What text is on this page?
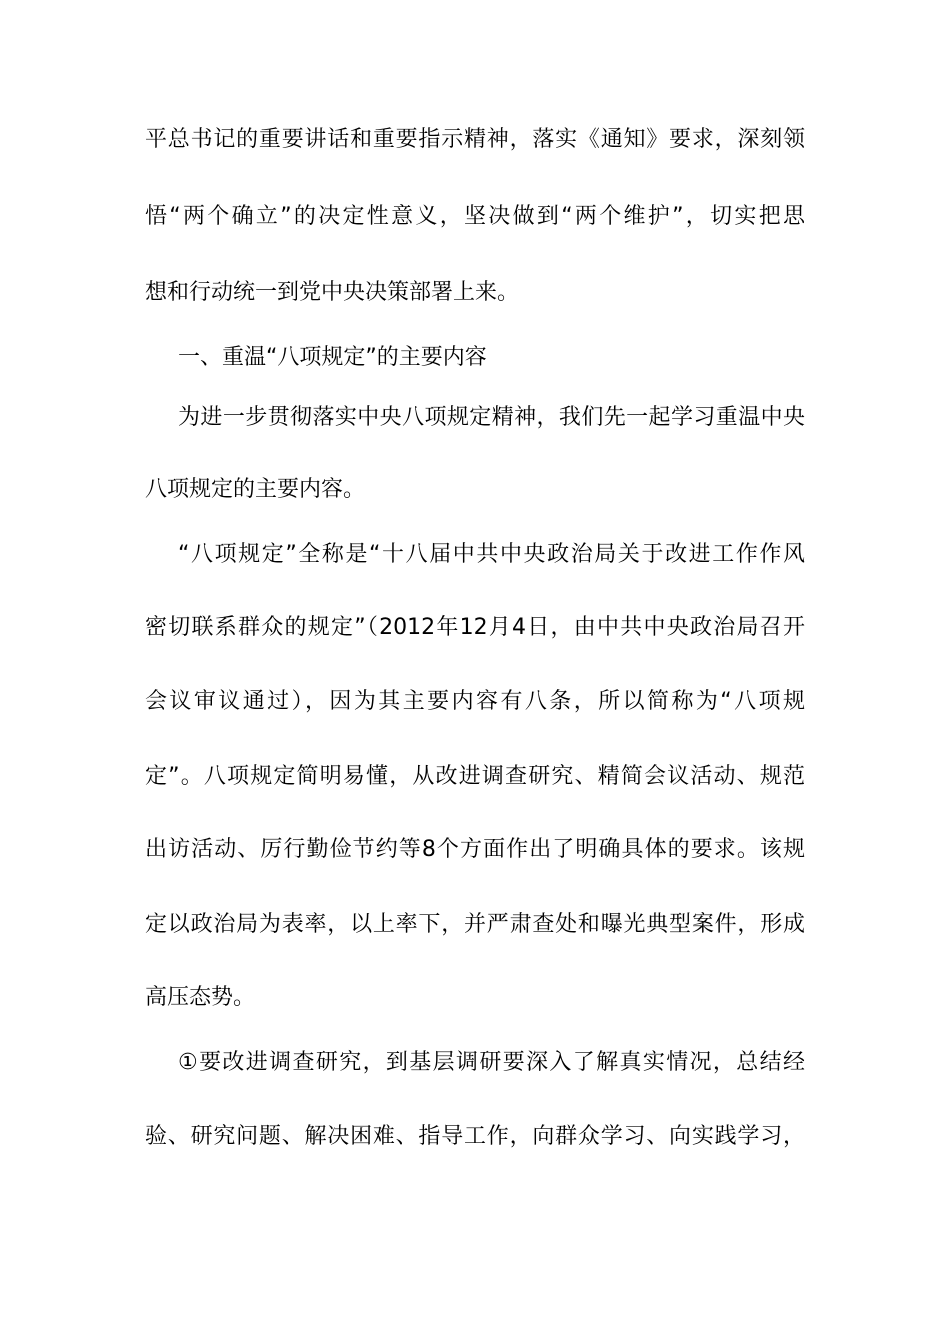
平总书记的重要讲话和重要指示精神，落实《通知》要求，深刻领
悟“两个确立”的决定性意义，坚决做到“两个维护”，切实把思
想和行动统一到党中央决策部署上来。
一、重温“八项规定”的主要内容
为进一步贯彻落实中央八项规定精神，我们先一起学习重温中央
八项规定的主要内容。
“八项规定”全称是“十八届中共中央政治局关于改进工作作风
密切联系群众的规定”（2012年12月4日，由中共中央政治局召开
会议审议通过），因为其主要内容有八条，所以简称为“八项规
定”。八项规定简明易懂，从改进调查研究、精简会议活动、规范
出访活动、厉行勤俭节约等8个方面作出了明确具体的要求。该规
定以政治局为表率，以上率下，并严肃查处和曝光典型案件，形成
高压态势。
①要改进调查研究，到基层调研要深入了解真实情况，总结经
验、研究问题、解决困难、指导工作，向群众学习、向实践学习，
